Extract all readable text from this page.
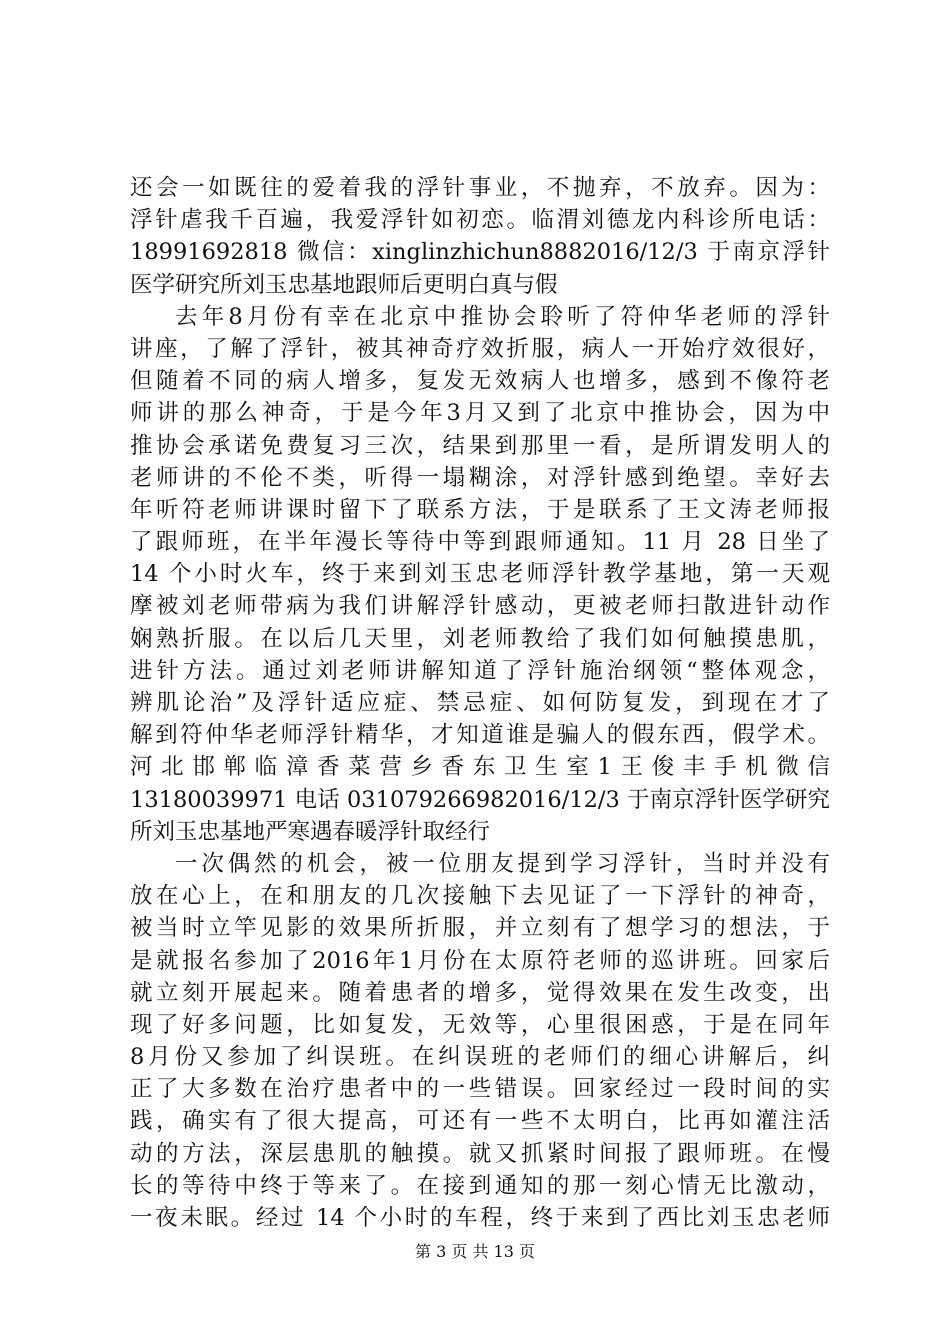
还会一如既往的爱着我的浮针事业，不抛弃，不放弃。因为：
浮针虐我千百遍，我爱浮针如初恋。临渭刘德龙内科诊所电话：
18991692818 微信：xinglinzhichun8882016/12/3 于南京浮针
医学研究所刘玉忠基地跟师后更明白真与假
去年8月份有幸在北京中推协会聆听了符仲华老师的浮针
讲座，了解了浮针，被其神奇疗效折服，病人一开始疗效很好，
但随着不同的病人增多，复发无效病人也增多，感到不像符老
师讲的那么神奇，于是今年3月又到了北京中推协会，因为中
推协会承诺免费复习三次，结果到那里一看，是所谓发明人的
老师讲的不伦不类，听得一塌糊涂，对浮针感到绝望。幸好去
年听符老师讲课时留下了联系方法，于是联系了王文涛老师报
了跟师班，在半年漫长等待中等到跟师通知。11 月 28 日坐了
14 个小时火车，终于来到刘玉忠老师浮针教学基地，第一天观
摩被刘老师带病为我们讲解浮针感动，更被老师扫散进针动作
娴熟折服。在以后几天里，刘老师教给了我们如何触摸患肌，
进针方法。通过刘老师讲解知道了浮针施治纲领“整体观念，
辨肌论治”及浮针适应症、禁忌症、如何防复发，到现在才了
解到符仲华老师浮针精华，才知道谁是骗人的假东西，假学术。
河北邯郸临漳香菜营乡香东卫生室1王俊丰手机微信
13180039971 电话 031079266982016/12/3 于南京浮针医学研究
所刘玉忠基地严寒遇春暖浮针取经行
一次偶然的机会，被一位朋友提到学习浮针，当时并没有
放在心上，在和朋友的几次接触下去见证了一下浮针的神奇，
被当时立竿见影的效果所折服，并立刻有了想学习的想法，于
是就报名参加了2016年1月份在太原符老师的巡讲班。回家后
就立刻开展起来。随着患者的增多，觉得效果在发生改变，出
现了好多问题，比如复发，无效等，心里很困惑，于是在同年
8月份又参加了纠误班。在纠误班的老师们的细心讲解后，纠
正了大多数在治疗患者中的一些错误。回家经过一段时间的实
践，确实有了很大提高，可还有一些不太明白，比再如灌注活
动的方法，深层患肌的触摸。就又抓紧时间报了跟师班。在慢
长的等待中终于等来了。在接到通知的那一刻心情无比激动，
一夜未眠。经过 14 个小时的车程，终于来到了西比刘玉忠老师
第 3 页 共 13 页
